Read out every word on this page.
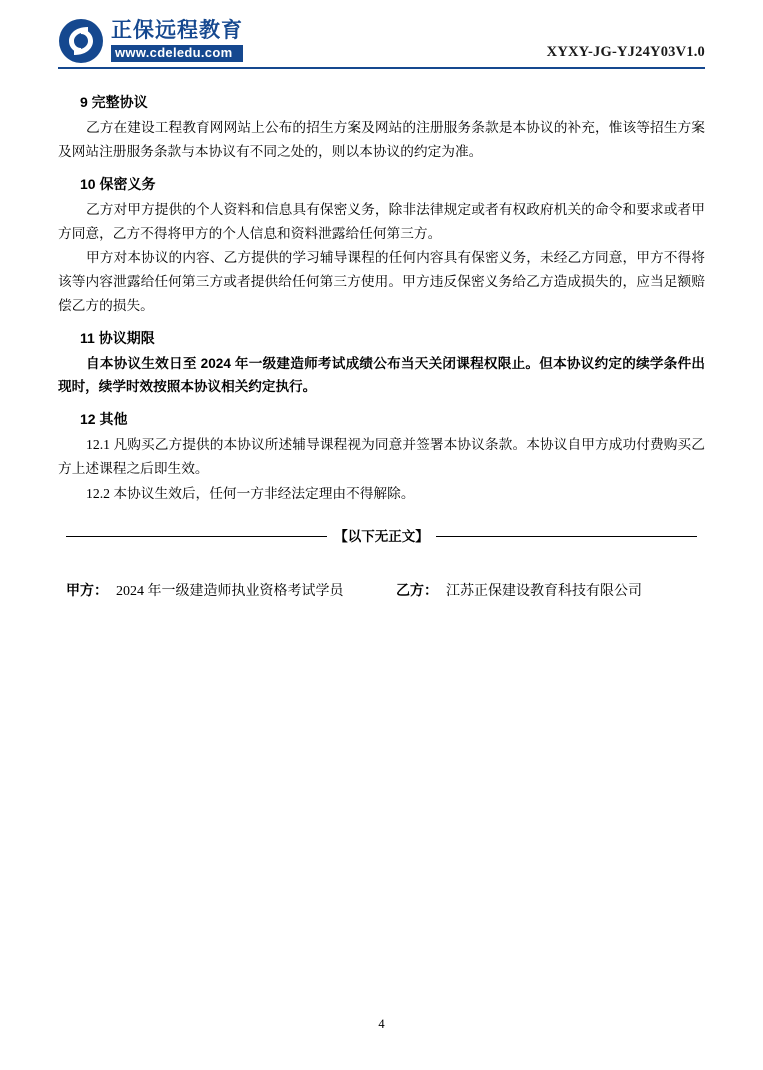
正保远程教育
www.cdeledu.com	XYXY-JG-YJ24Y03V1.0
9 完整协议

乙方在建设工程教育网网站上公布的招生方案及网站的注册服务条款是本协议的补充，惟该等招生方案及网站注册服务条款与本协议有不同之处的，则以本协议的约定为准。

10 保密义务

乙方对甲方提供的个人资料和信息具有保密义务，除非法律规定或者有权政府机关的命令和要求或者甲方同意，乙方不得将甲方的个人信息和资料泄露给任何第三方。

甲方对本协议的内容、乙方提供的学习辅导课程的任何内容具有保密义务，未经乙方同意，甲方不得将该等内容泄露给任何第三方或者提供给任何第三方使用。甲方违反保密义务给乙方造成损失的，应当足额赔偿乙方的损失。

11 协议期限

自本协议生效日至 2024 年一级建造师考试成绩公布当天关闭课程权限止。但本协议约定的续学条件出现时，续学时效按照本协议相关约定执行。

12 其他

12.1 凡购买乙方提供的本协议所述辅导课程视为同意并签署本协议条款。本协议自甲方成功付费购买乙方上述课程之后即生效。

12.2 本协议生效后，任何一方非经法定理由不得解除。

【以下无正文】
甲方： 2024 年一级建造师执业资格考试学员	乙方： 江苏正保建设教育科技有限公司
4
